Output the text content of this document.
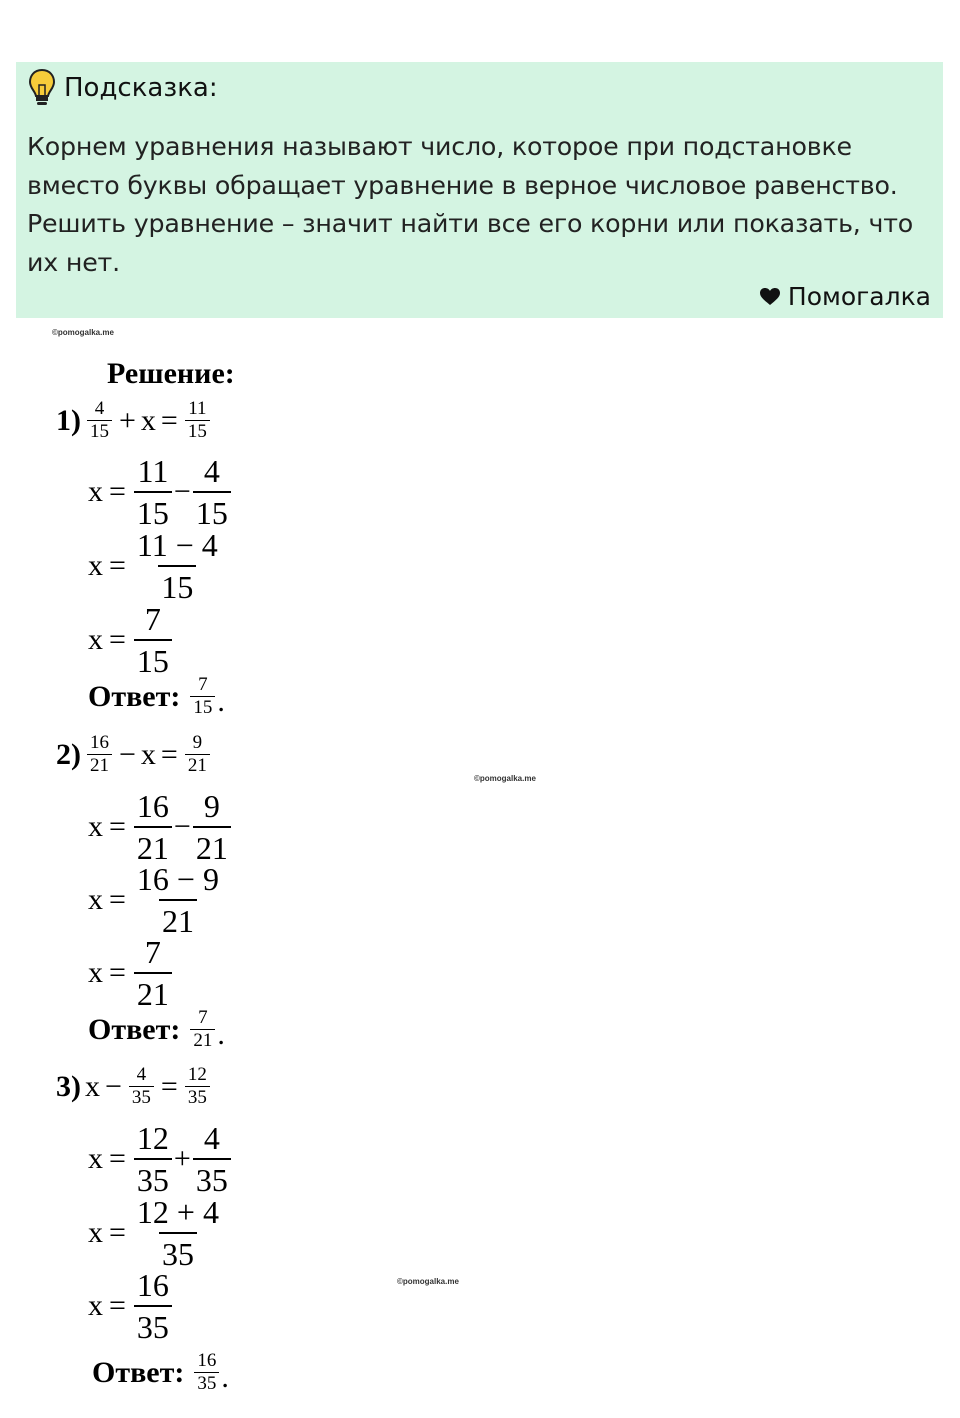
Подсказка:

Корнем уравнения называют число, которое при подстановке вместо буквы обращает уравнение в верное числовое равенство. Решить уравнение – значит найти все его корни или показать, что их нет.

Помогалка
©pomogalka.me
©pomogalka.me
©pomogalka.me
Решение:
$1) \frac{4}{15} + x = \frac{11}{15}$
$x = \frac{11}{15} - \frac{4}{15}$
$x = \frac{11 - 4}{15}$
$x = \frac{7}{15}$
Ответ: $\frac{7}{15}$ .
$2) \frac{16}{21} - x = \frac{9}{21}$
$x = \frac{16}{21} - \frac{9}{21}$
$x = \frac{16 - 9}{21}$
$x = \frac{7}{21}$
Ответ: $\frac{7}{21}$ .
3) $x - \frac{4}{35} = \frac{12}{35}$
$x = \frac{12}{35} + \frac{4}{35}$
$x = \frac{12 + 4}{35}$
$x = \frac{16}{35}$
Ответ: $\frac{16}{35}$ .
